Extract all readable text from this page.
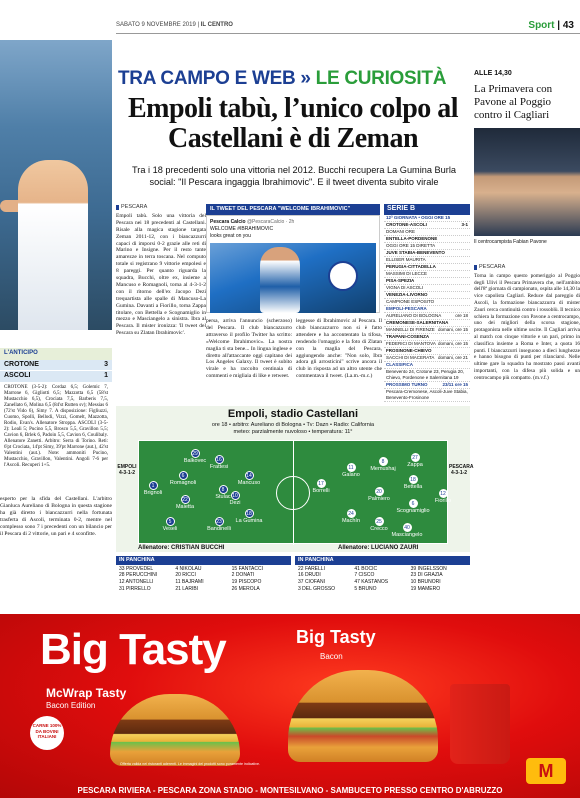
SABATO 9 NOVEMBRE 2019 | IL CENTRO	Sport | 43
TRA CAMPO E WEB » LE CURIOSITÀ
Empoli tabù, l’unico colpo al Castellani è di Zeman
Tra i 18 precedenti solo una vittoria nel 2012. Bucchi recupera La Gumina Burla social: "Il Pescara ingaggia Ibrahimovic". E il tweet diventa subito virale
ALLE 14,30
La Primavera con Pavone al Poggio contro il Cagliari
Il centrocampista Fabian Pavone
PESCARA
Empoli tabù. Solo una vittoria del Pescara nei 18 precedenti al Castellani. Risale alla magica stagione targata Zeman 2011-12, con i biancazzurri capaci di imporsi 0-2 grazie alle reti di Marino e Insigne. Per il resto tante amarezze in terra toscana. Nel computo totale si registrano 9 vittorie empolesi e 8 pareggi. Per quanto riguarda la squadra, Bucchi, oltre ex, insieme a Mancuso e Romagnoli, torna al 4-3-1-2 con il ritorno dell'ex Jacopo Dezi trequartista alle spalle di Mancuso-La Gumina. Davanti a Fiorillo, torna Zappa titolare, con Bettella e Scognamiglio in mezzo e Masciangelo a sinistra. Ibra al Pescara. Il mister ironizza: 'Il tweet del Pescara su Zlatan Ibrahimovic'.
IL TWEET DEL PESCARA "WELCOME IBRAHIMOVIC"
Pescara Calcio @PescaraCalcio · 2h
WELCOME #IBRAHIMOVIC
looks great on you
persa, arriva l'annuncio (scherzoso) del Pescara. Il club biancazzurro attraverso il profilo Twitter ha scritto: «Welcome Ibrahimovic». La nostra maglia ti sta bene... In lingua inglese e diretto all'attaccante oggi capitano dei Los Angeles Galaxy. Il tweet è subito virale e ha raccolto centinaia di commenti e migliaia di like e retweet.
leggesse di Ibrahimovic al Pescara. Il club biancazzurro non si è fatto attendere e ha accontentato la tifosa, rendendo l'omaggio e la foto di Zlatan con la maglia del Pescara, aggiungendo anche: "Non solo, Ibra adora gli arrosticini" scrive ancora il club in risposta ad un altro utente che commentava il tweet. (La.m.-m.c.)
SERIE B
12ª GIORNATA • OGGI ORE 15
CROTONE-ASCOLI	3-1
DOMANI ORE
ENTELLA-PORDENONE
OGGI ORE 15 DIRETTA
JUVE STABIA-BENEVENTO
ELLISER MAURITA
PERUGIA-CITTADELLA
MASSIMI DI LECCE
PISA-SPEZIA
VIGNA DI ASCOLI
VENEZIA-LIVORNO
CAMPIONE ESPOSITO
EMPOLI-PESCARA
AURELIANO DI BOLOGNA	ore 18
CREMONESE-SALERNITANA
MANNELLI DI FIRENZE domani, ore 15
TRAPANI-COSENZA
FEDERICI DI MANTOVA domani, ore 15
FROSINONE-CHIEVO
SACCHI DI MACERATA domani, ore 21
CLASSIFICA
Benevento 24, Crotone 23, Perugia 20, Chievo, Pordenone e Salernitana 19
PROSSIMO TURNO	23/11 ore 15
Pescara-Cremonese, Ascoli-Juve Stabia, Benevento-Frosinone
L'ANTICIPO
CROTONE	3
ASCOLI	1
CROTONE (3-5-2): Cordaz 6,5; Golemic 7, Marrone 6, Gigliotti 6,5; Mazzotta 6,5 (58'st Mustacchio 6,5), Crociata 7,5, Barberis 7,5, Zanellato 6, Molina 6,5 (84'st Rutten sv); Messias 6 (72'st Vido 6), Simy 7. A disposizione: Figliuzzi, Cuomo, Spolli, Bellodi, Vizzi, Gomelt, Mazzotta, Rodio, Evan's. Allenatore Stroppa. ASCOLI (3-5-2): Leali 5; Pucino 5,5, Brosco 5,5, Gravillon 5,5; Cavion 6, Brlek 6, Padoin 5,5, Cavion 6, Coulibaly. Allenatore Zanetti. Arbitro: Serra di Torino. Reti: 6'pt Crociata, 14'pt Simy, 39'pt Marrone (aut.), 42'st Valentini (aut.). Note: ammoniti Pucino, Mustacchio, Gravillon, Valentini. Angoli 7-6 per l'Ascoli. Recuperi 1+5.
esperto per la sfida del Castellani. L'arbitro Gianluca Aureliano di Bologna in questa stagione ha già diretto i biancazzurri nella fortunata trasferta di Ascoli, terminata 0-2, mentre nel complesso sono 7 i precedenti con un bilancio per il Pescara di 2 vittorie, un pari e 4 sconfitte.
Empoli, stadio Castellani
ore 18 • arbitro: Aureliano di Bologna • Tv: Dazn • Radio: California
meteo: parzialmente nuvoloso • temperatura: 11°
EMPOLI 4-3-1-2
PESCARA 4-3-1-2
1
Brignoli
29
Balkovec
6
Romagnoli
22
Maietta
5
Veseli
16
Frattesi
8
Stulac
23
Bandinelli
14
Mancuso
10
Dezi
18
La Gumina
11
Galano
24
Machín
8
Memushaj
20
Palmiero
25
Crecco
17
Borrelli
27
Zappa
18
Bettella
6
Scognamiglio
40
Masciangelo
12
Fiorillo
Allenatore: CRISTIAN BUCCHI	Allenatore: LUCIANO ZAURI
IN PANCHINA
33 PROVEDEL	4 NIKOLAU	15 FANTACCI
28 PERUCCHINI	20 RICCI	2 DONATI
12 ANTONELLI	11 BAJRAMI	19 PISCOPO
31 PIRRELLO	21 LARIBI	26 MEROLA
IN PANCHINA
22 FARELLI	41 BOCIC	39 INGELSSON
16 DRUDI	7 CISCO	23 DI GRAZIA
37 CIOFANI	47 KASTANOS	10 BRUNORI
3 DEL GROSSO	5 BRUNO	19 MAMERO
PESCARA
Torna in campo questo pomeriggio al Poggio degli Ulivi il Pescara Primavera che, nell'ambito dell'8ª giornata di campionato, ospita alle 14,30 la vice capolista Cagliari. Reduce dal pareggio di Ascoli, la formazione biancazzurra di mister Zauri cerca continuità contro i rossoblù. Il tecnico schiera la formazione con Pavone a centrocampo, uno dei migliori della scorsa stagione, protagonista nelle ultime uscite. Il Cagliari arriva al match con cinque vittorie e un pari, primo in classifica insieme a Roma e Inter, a quota 16 punti. I biancazzurri inseguono a dieci lunghezze e hanno bisogno di punti per rilanciarsi. Nelle ultime gare la squadra ha mostrato passi avanti importanti, con la difesa più solida e un centrocampo più compatto. (m.v.f.)
Big Tasty	Big Tasty
Bacon
McWrap Tasty
Bacon Edition
CARNE 100% DA BOVINI ITALIANI
Offerta valida nei ristoranti aderenti. Le immagini dei prodotti sono puramente indicative.	M
PESCARA RIVIERA - PESCARA ZONA STADIO - MONTESILVANO - SAMBUCETO PRESSO CENTRO D'ABRUZZO
